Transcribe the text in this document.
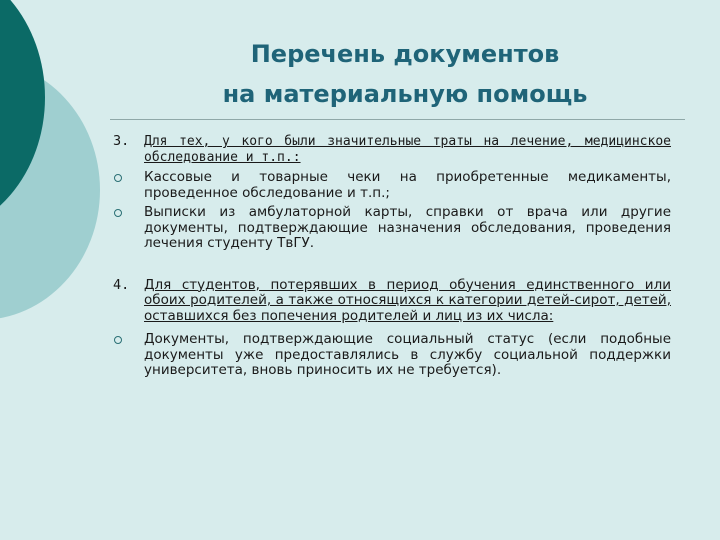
Перечень документов
на материальную помощь
3. Для тех, у кого были значительные траты на лечение, медицинское обследование и т.п.:
Кассовые и товарные чеки на приобретенные медикаменты, проведенное обследование и т.п.;
Выписки из амбулаторной карты, справки от врача или другие документы, подтверждающие назначения обследования, проведения лечения студенту ТвГУ.
4. Для студентов, потерявших в период обучения единственного или обоих родителей, а также относящихся к категории детей-сирот, детей, оставшихся без попечения родителей и лиц из их числа:
Документы, подтверждающие социальный статус (если подобные документы уже предоставлялись в службу социальной поддержки университета, вновь приносить их не требуется).
